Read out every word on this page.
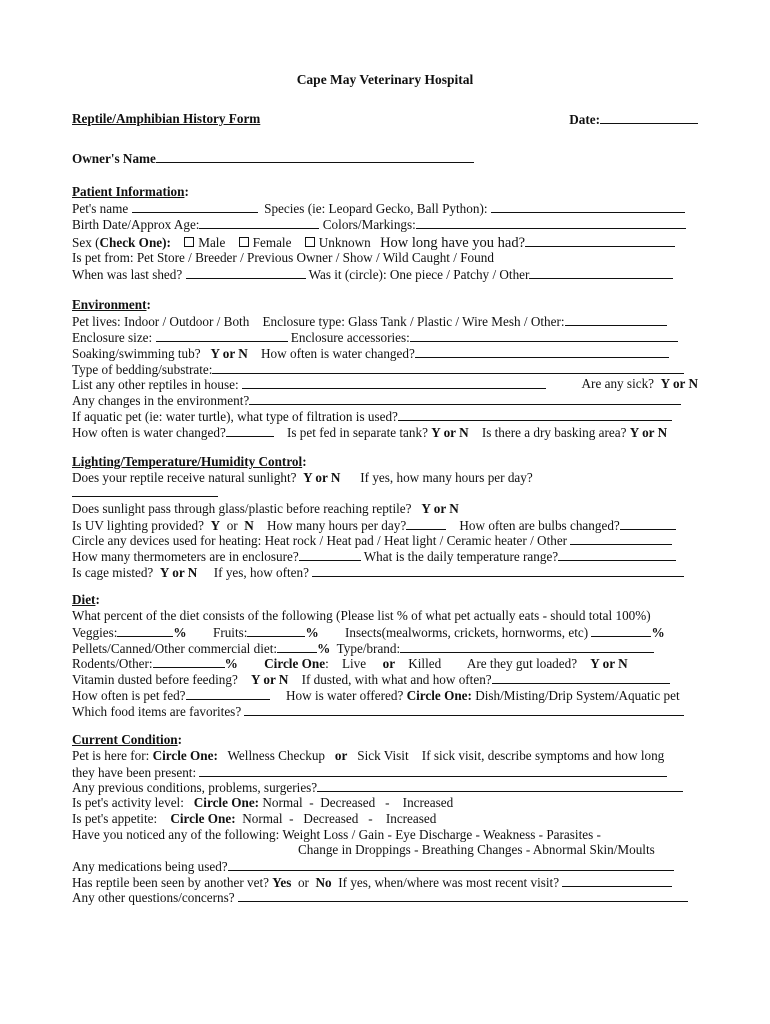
Cape May Veterinary Hospital
Reptile/Amphibian History Form	Date:
Owner's Name
Patient Information:
Pet's name	Species (ie: Leopard Gecko, Ball Python):
Birth Date/Approx Age:	Colors/Markings:
Sex (Check One): Male Female Unknown How long have you had?
Is pet from: Pet Store / Breeder / Previous Owner / Show / Wild Caught / Found
When was last shed?	Was it (circle): One piece / Patchy / Other
Environment:
Pet lives: Indoor / Outdoor / Both Enclosure type: Glass Tank / Plastic / Wire Mesh / Other:
Enclosure size:	Enclosure accessories:
Soaking/swimming tub? Y or N How often is water changed?
Type of bedding/substrate:
List any other reptiles in house:	Are any sick? Y or N
Any changes in the environment?
If aquatic pet (ie: water turtle), what type of filtration is used?
How often is water changed?	Is pet fed in separate tank? Y or N Is there a dry basking area? Y or N
Lighting/Temperature/Humidity Control:
Does your reptile receive natural sunlight? Y or N If yes, how many hours per day?
Does sunlight pass through glass/plastic before reaching reptile? Y or N
Is UV lighting provided? Y or N How many hours per day?	How often are bulbs changed?
Circle any devices used for heating: Heat rock / Heat pad / Heat light / Ceramic heater / Other
How many thermometers are in enclosure?	What is the daily temperature range?
Is cage misted? Y or N If yes, how often?
Diet:
What percent of the diet consists of the following (Please list % of what pet actually eats - should total 100%)
Veggies:	% Fruits:	% Insects(mealworms, crickets, hornworms, etc)	%
Pellets/Canned/Other commercial diet:	% Type/brand:
Rodents/Other:	% Circle One:    Live or Killed Are they gut loaded? Y or N
Vitamin dusted before feeding? Y or N If dusted, with what and how often?
How often is pet fed?	How is water offered? Circle One: Dish/Misting/Drip System/Aquatic pet
Which food items are favorites?
Current Condition:
Pet is here for: Circle One: Wellness Checkup or Sick Visit If sick visit, describe symptoms and how long
they have been present:
Any previous conditions, problems, surgeries?
Is pet's activity level: Circle One: Normal  -  Decreased   -    Increased
Is pet's appetite: Circle One: Normal  -   Decreased   -    Increased
Have you noticed any of the following: Weight Loss / Gain - Eye Discharge - Weakness - Parasites -
Change in Droppings - Breathing Changes - Abnormal Skin/Moults
Any medications being used?
Has reptile been seen by another vet? Yes or No If yes, when/where was most recent visit?
Any other questions/concerns?
